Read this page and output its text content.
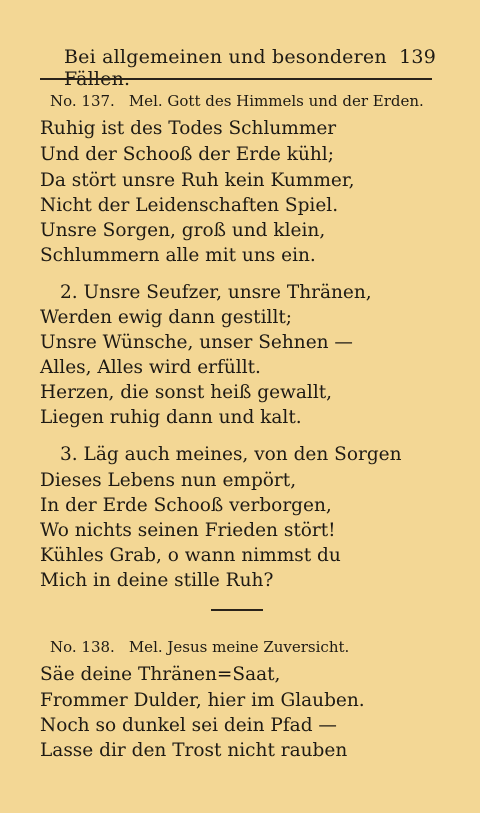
Bei allgemeinen und besonderen Fällen.
139
No. 137. Mel. Gott des Himmels und der Erden.
Ruhig ist des Todes Schlummer
Und der Schooß der Erde kühl;
Da stört unsre Ruh kein Kummer,
Nicht der Leidenschaften Spiel.
Unsre Sorgen, groß und klein,
Schlummern alle mit uns ein.
2. Unsre Seufzer, unsre Thränen,
Werden ewig dann gestillt;
Unsre Wünsche, unser Sehnen —
Alles, Alles wird erfüllt.
Herzen, die sonst heiß gewallt,
Liegen ruhig dann und kalt.
3. Läg auch meines, von den Sorgen
Dieses Lebens nun empört,
In der Erde Schooß verborgen,
Wo nichts seinen Frieden stört!
Kühles Grab, o wann nimmst du
Mich in deine stille Ruh?
No. 138. Mel. Jesus meine Zuversicht.
Säe deine Thränen=Saat,
Frommer Dulder, hier im Glauben.
Noch so dunkel sei dein Pfad —
Lasse dir den Trost nicht rauben
